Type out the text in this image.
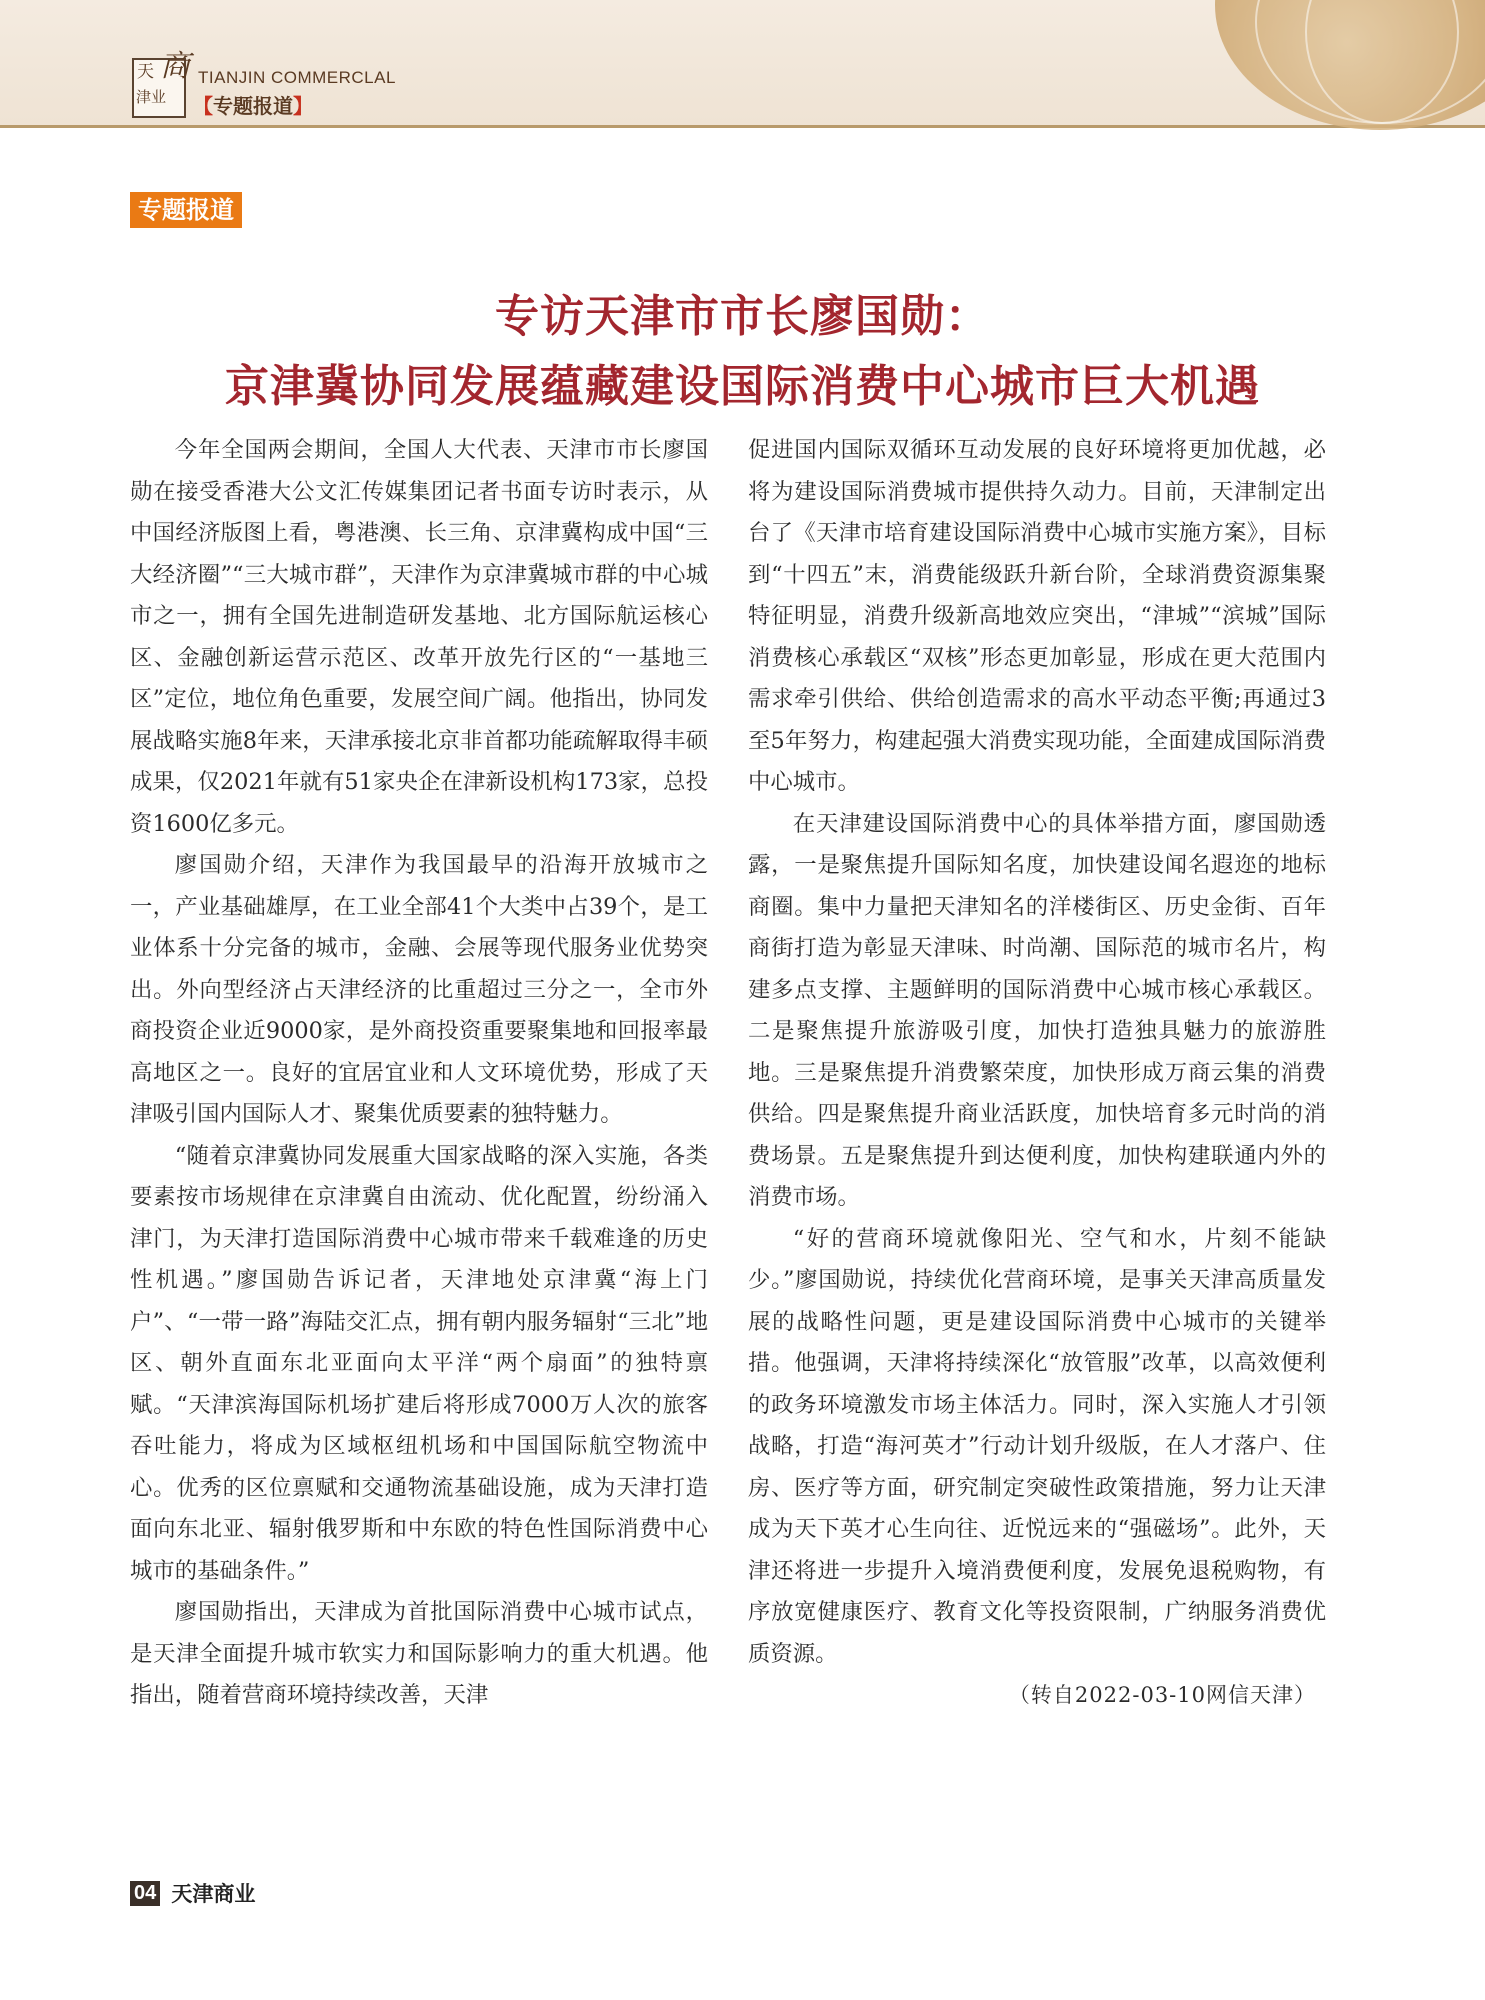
天
津业
商 TIANJIN COMMERCLAL
【专题报道】
专题报道
专访天津市市长廖国勋：
京津冀协同发展蕴藏建设国际消费中心城市巨大机遇

今年全国两会期间，全国人大代表、天津市市长廖国勋在接受香港大公文汇传媒集团记者书面专访时表示，从中国经济版图上看，粤港澳、长三角、京津冀构成中国“三大经济圈”“三大城市群”，天津作为京津冀城市群的中心城市之一，拥有全国先进制造研发基地、北方国际航运核心区、金融创新运营示范区、改革开放先行区的“一基地三区”定位，地位角色重要，发展空间广阔。他指出，协同发展战略实施8年来，天津承接北京非首都功能疏解取得丰硕成果，仅2021年就有51家央企在津新设机构173家，总投资1600亿多元。

廖国勋介绍，天津作为我国最早的沿海开放城市之一，产业基础雄厚，在工业全部41个大类中占39个，是工业体系十分完备的城市，金融、会展等现代服务业优势突出。外向型经济占天津经济的比重超过三分之一，全市外商投资企业近9000家，是外商投资重要聚集地和回报率最高地区之一。良好的宜居宜业和人文环境优势，形成了天津吸引国内国际人才、聚集优质要素的独特魅力。

“随着京津冀协同发展重大国家战略的深入实施，各类要素按市场规律在京津冀自由流动、优化配置，纷纷涌入津门，为天津打造国际消费中心城市带来千载难逢的历史性机遇。”廖国勋告诉记者，天津地处京津冀“海上门户”、“一带一路”海陆交汇点，拥有朝内服务辐射“三北”地区、朝外直面东北亚面向太平洋“两个扇面”的独特禀赋。“天津滨海国际机场扩建后将形成7000万人次的旅客吞吐能力，将成为区域枢纽机场和中国国际航空物流中心。优秀的区位禀赋和交通物流基础设施，成为天津打造面向东北亚、辐射俄罗斯和中东欧的特色性国际消费中心城市的基础条件。”

廖国勋指出，天津成为首批国际消费中心城市试点，是天津全面提升城市软实力和国际影响力的重大机遇。他指出，随着营商环境持续改善，天津

促进国内国际双循环互动发展的良好环境将更加优越，必将为建设国际消费城市提供持久动力。目前，天津制定出台了《天津市培育建设国际消费中心城市实施方案》，目标到“十四五”末，消费能级跃升新台阶，全球消费资源集聚特征明显，消费升级新高地效应突出，“津城”“滨城”国际消费核心承载区“双核”形态更加彰显，形成在更大范围内需求牵引供给、供给创造需求的高水平动态平衡;再通过3至5年努力，构建起强大消费实现功能，全面建成国际消费中心城市。

在天津建设国际消费中心的具体举措方面，廖国勋透露，一是聚焦提升国际知名度，加快建设闻名遐迩的地标商圈。集中力量把天津知名的洋楼街区、历史金街、百年商街打造为彰显天津味、时尚潮、国际范的城市名片，构建多点支撑、主题鲜明的国际消费中心城市核心承载区。二是聚焦提升旅游吸引度，加快打造独具魅力的旅游胜地。三是聚焦提升消费繁荣度，加快形成万商云集的消费供给。四是聚焦提升商业活跃度，加快培育多元时尚的消费场景。五是聚焦提升到达便利度，加快构建联通内外的消费市场。

“好的营商环境就像阳光、空气和水，片刻不能缺少。”廖国勋说，持续优化营商环境，是事关天津高质量发展的战略性问题，更是建设国际消费中心城市的关键举措。他强调，天津将持续深化“放管服”改革，以高效便利的政务环境激发市场主体活力。同时，深入实施人才引领战略，打造“海河英才”行动计划升级版，在人才落户、住房、医疗等方面，研究制定突破性政策措施，努力让天津成为天下英才心生向往、近悦远来的“强磁场”。此外，天津还将进一步提升入境消费便利度，发展免退税购物，有序放宽健康医疗、教育文化等投资限制，广纳服务消费优质资源。

（转自2022-03-10网信天津）
04 天津商业
